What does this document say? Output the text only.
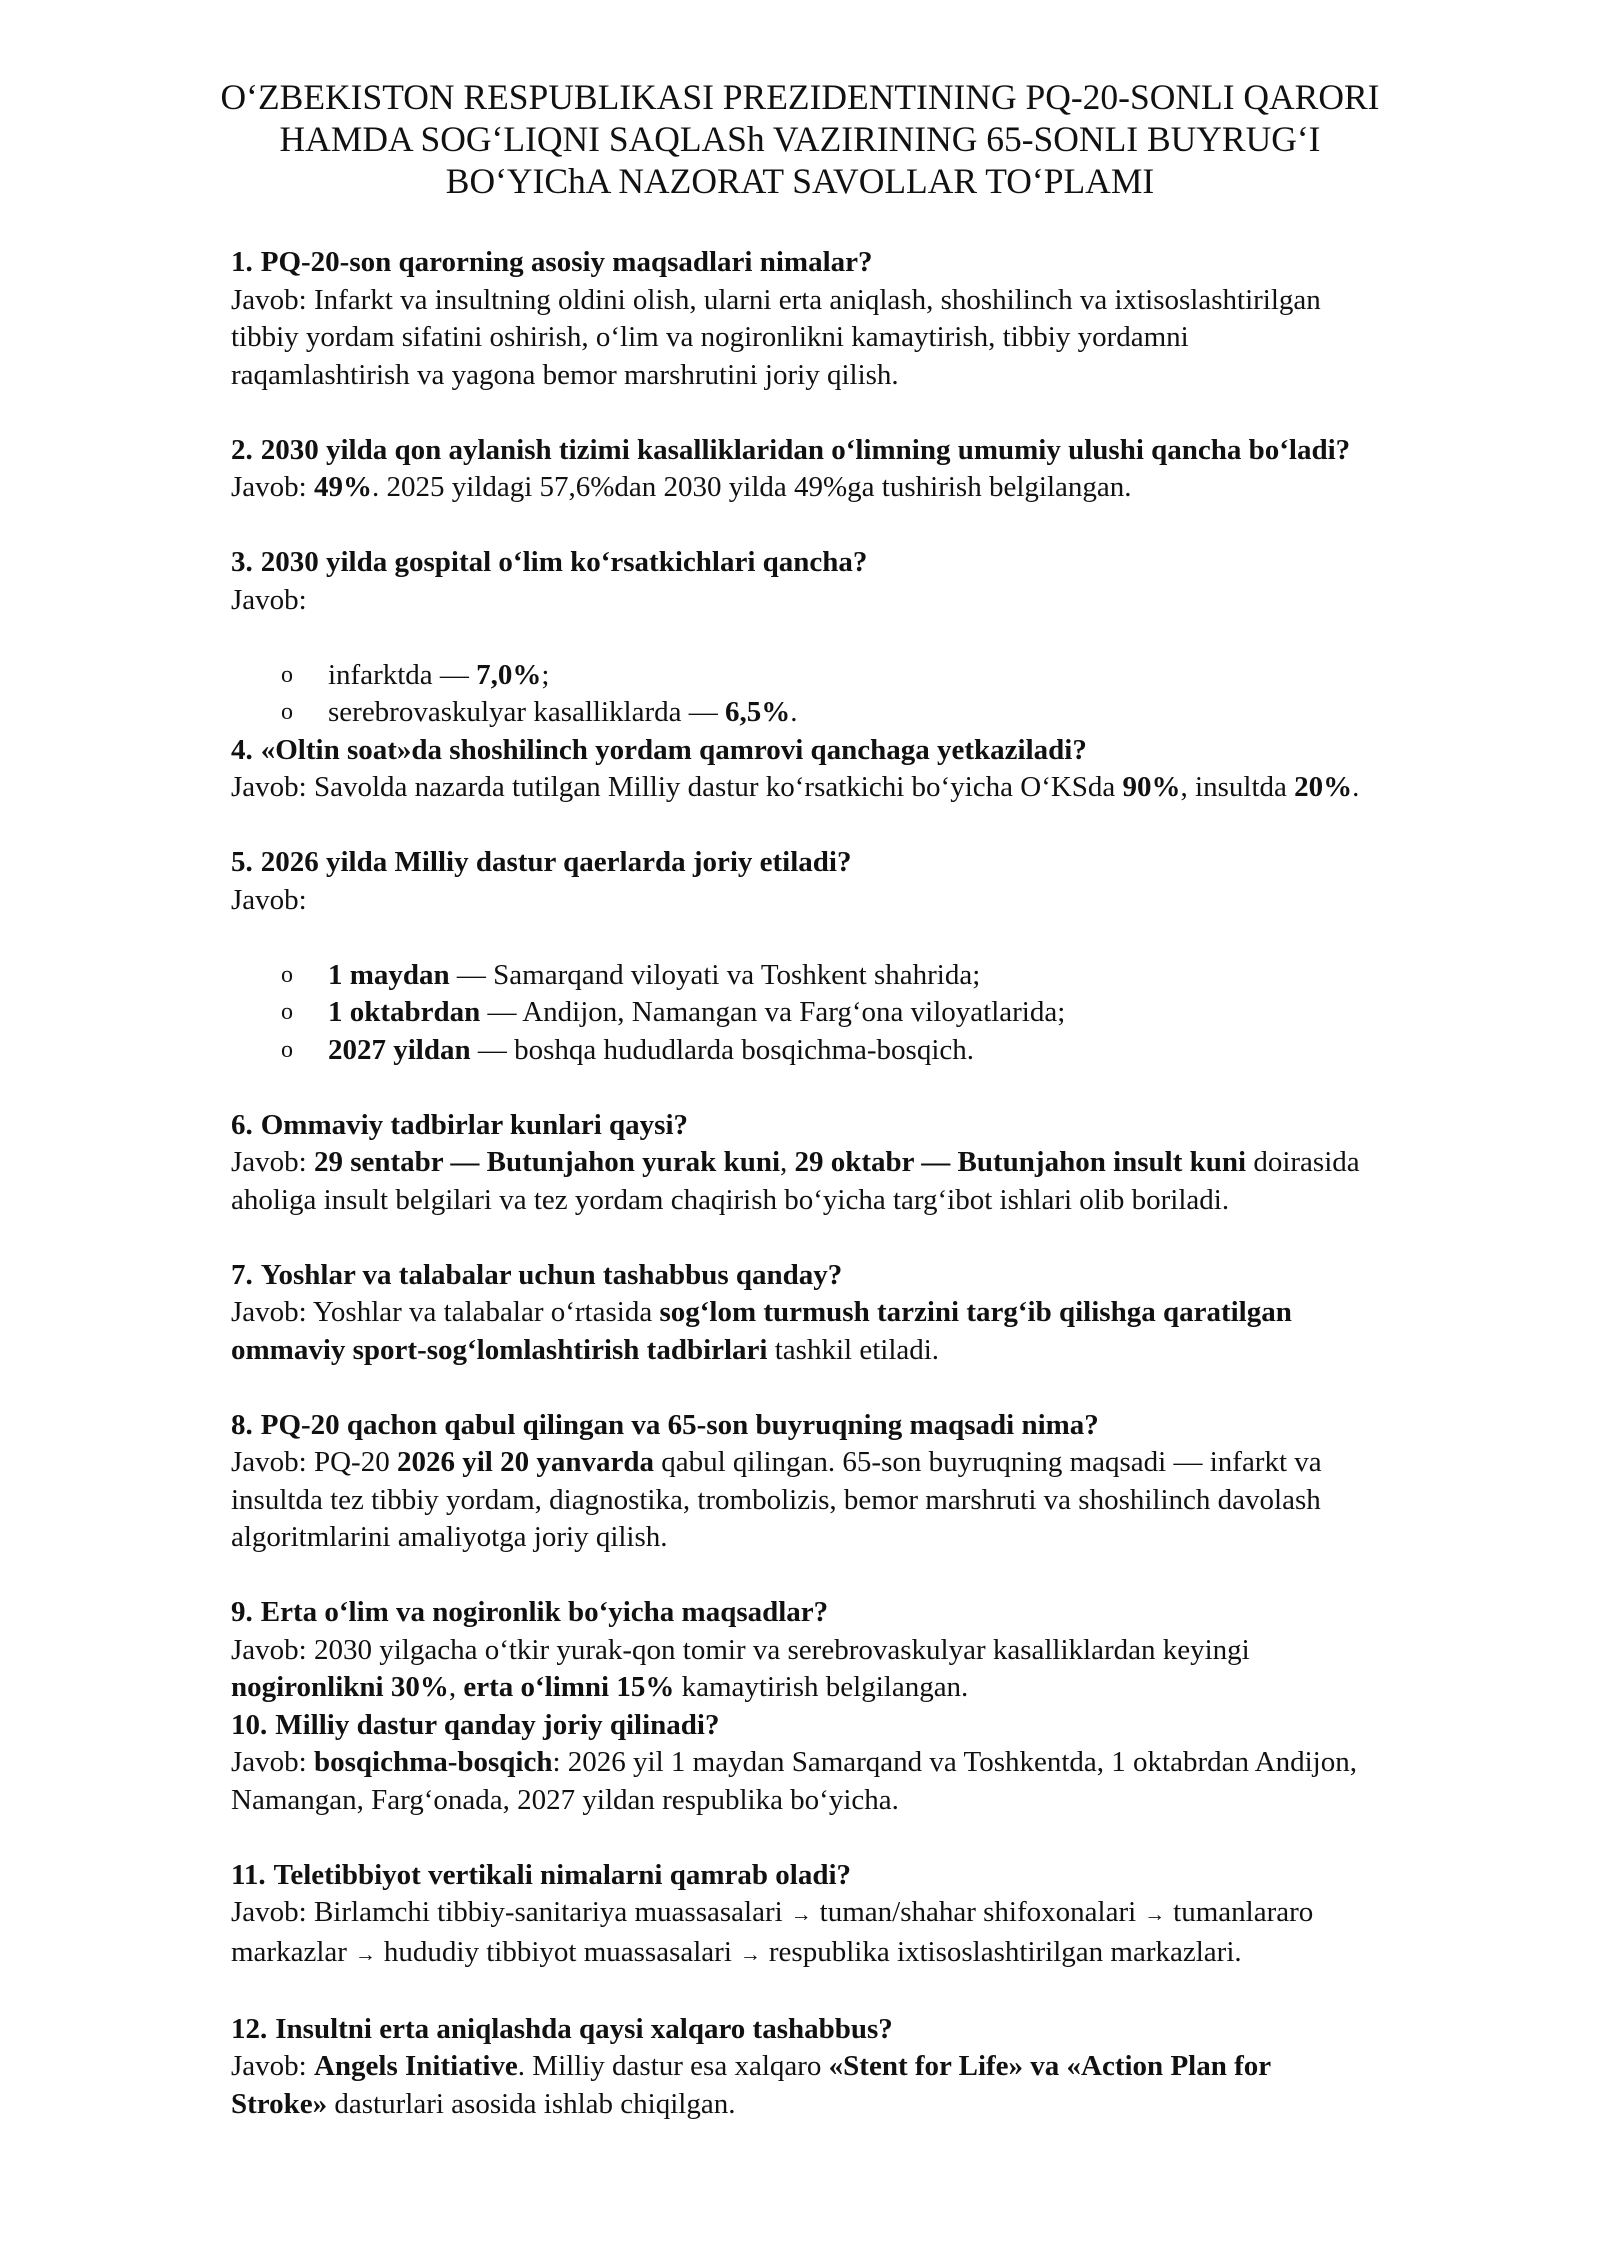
O‘ZBEKISTON RESPUBLIKASI PREZIDENTINING PQ-20-SONLI QARORI
HAMDA SOG‘LIQNI SAQLASh VAZIRINING 65-SONLI BUYRUG‘I
BO‘YIChA NAZORAT SAVOLLAR TO‘PLAMI
1. PQ-20-son qarorning asosiy maqsadlari nimalar?
Javob: Infarkt va insultning oldini olish, ularni erta aniqlash, shoshilinch va ixtisoslashtirilgan
tibbiy yordam sifatini oshirish, o‘lim va nogironlikni kamaytirish, tibbiy yordamni
raqamlashtirish va yagona bemor marshrutini joriy qilish.
2. 2030 yilda qon aylanish tizimi kasalliklaridan o‘limning umumiy ulushi qancha bo‘ladi?
Javob: 49%. 2025 yildagi 57,6%dan 2030 yilda 49%ga tushirish belgilangan.
3. 2030 yilda gospital o‘lim ko‘rsatkichlari qancha?
Javob:
o infarktda — 7,0%;
o serebrovaskulyar kasalliklarda — 6,5%.
4. «Oltin soat»da shoshilinch yordam qamrovi qanchaga yetkaziladi?
Javob: Savolda nazarda tutilgan Milliy dastur ko‘rsatkichi bo‘yicha O‘KSda 90%, insultda 20%.
5. 2026 yilda Milliy dastur qaerlarda joriy etiladi?
Javob:
o 1 maydan — Samarqand viloyati va Toshkent shahrida;
o 1 oktabrdan — Andijon, Namangan va Farg‘ona viloyatlarida;
o 2027 yildan — boshqa hududlarda bosqichma-bosqich.
6. Ommaviy tadbirlar kunlari qaysi?
Javob: 29 sentabr — Butunjahon yurak kuni, 29 oktabr — Butunjahon insult kuni doirasida
aholiga insult belgilari va tez yordam chaqirish bo‘yicha targ‘ibot ishlari olib boriladi.
7. Yoshlar va talabalar uchun tashabbus qanday?
Javob: Yoshlar va talabalar o‘rtasida sog‘lom turmush tarzini targ‘ib qilishga qaratilgan
ommaviy sport-sog‘lomlashtirish tadbirlari tashkil etiladi.
8. PQ-20 qachon qabul qilingan va 65-son buyruqning maqsadi nima?
Javob: PQ-20 2026 yil 20 yanvarda qabul qilingan. 65-son buyruqning maqsadi — infarkt va
insultda tez tibbiy yordam, diagnostika, trombolizis, bemor marshruti va shoshilinch davolash
algoritmlarini amaliyotga joriy qilish.
9. Erta o‘lim va nogironlik bo‘yicha maqsadlar?
Javob: 2030 yilgacha o‘tkir yurak-qon tomir va serebrovaskulyar kasalliklardan keyingi
nogironlikni 30%, erta o‘limni 15% kamaytirish belgilangan.
10. Milliy dastur qanday joriy qilinadi?
Javob: bosqichma-bosqich: 2026 yil 1 maydan Samarqand va Toshkentda, 1 oktabrdan Andijon,
Namangan, Farg‘onada, 2027 yildan respublika bo‘yicha.
11. Teletibbiyot vertikali nimalarni qamrab oladi?
Javob: Birlamchi tibbiy-sanitariya muassasalari → tuman/shahar shifoxonalari → tumanlararo
markazlar → hududiy tibbiyot muassasalari → respublika ixtisoslashtirilgan markazlari.
12. Insultni erta aniqlashda qaysi xalqaro tashabbus?
Javob: Angels Initiative. Milliy dastur esa xalqaro «Stent for Life» va «Action Plan for
Stroke» dasturlari asosida ishlab chiqilgan.
